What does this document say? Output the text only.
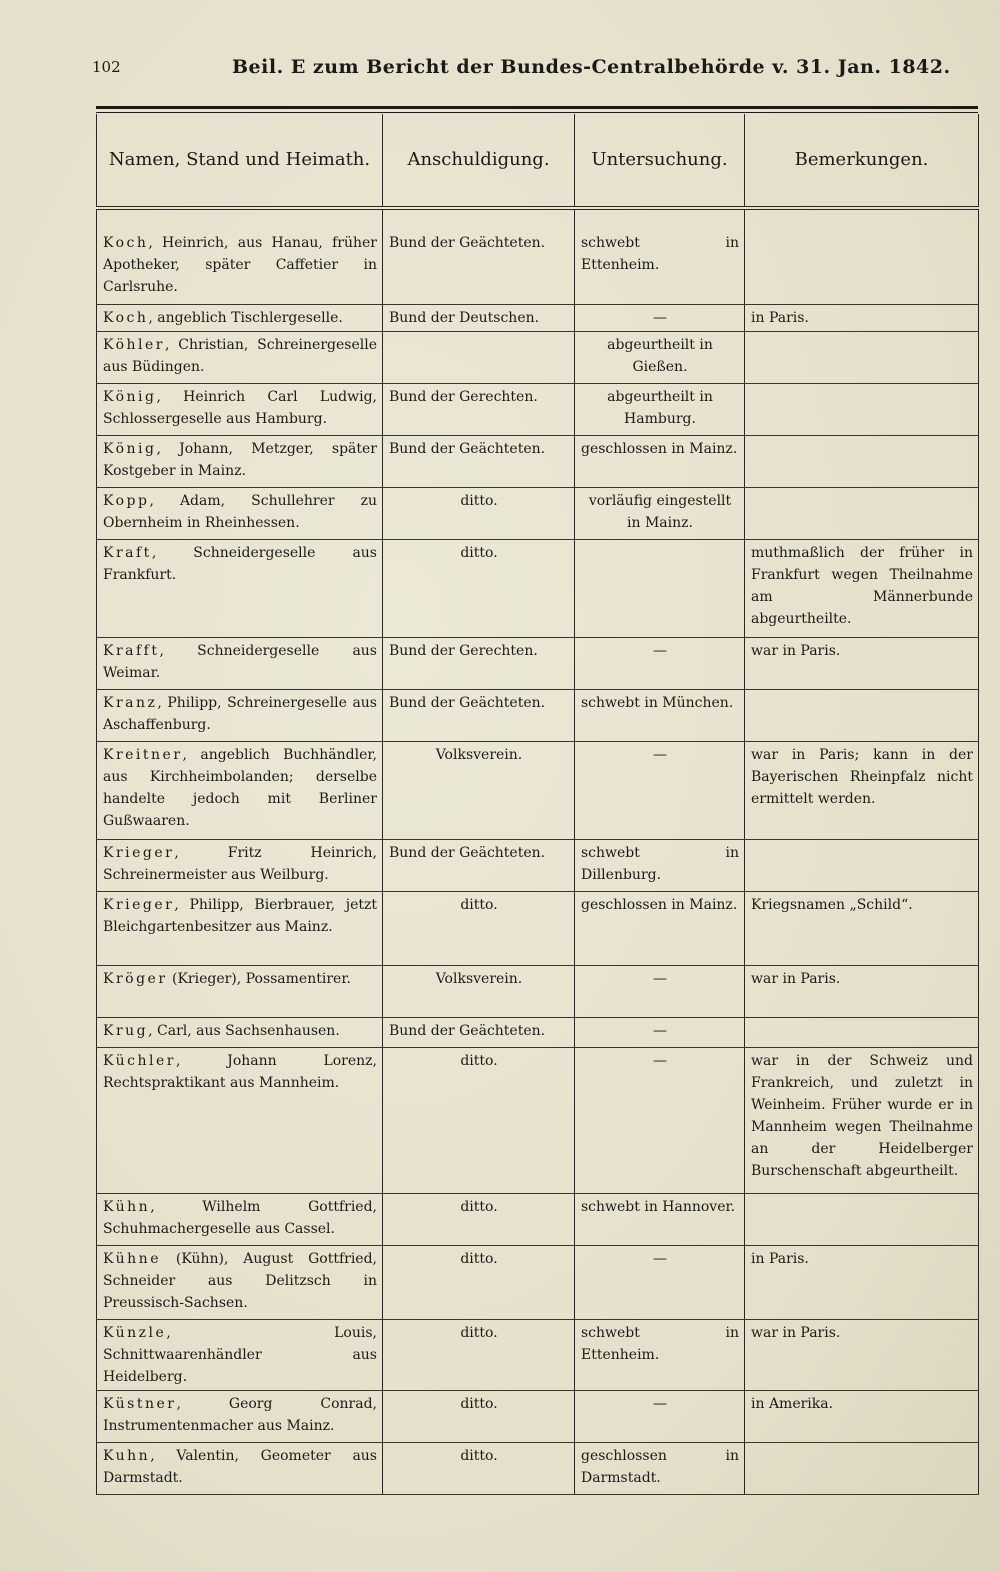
102	Beil. E zum Bericht der Bundes-Centralbehörde v. 31. Jan. 1842.
Namen, Stand und Heimath.	Anschuldigung.	Untersuchung.	Bemerkungen.
Koch, Heinrich, aus Hanau, früher Apotheker, später Caffetier in Carlsruhe.	Bund der Geächteten.	schwebt in Ettenheim.	
Koch, angeblich Tischlergeselle.	Bund der Deutschen.	—	in Paris.
Köhler, Christian, Schreinergeselle aus Büdingen.		abgeurtheilt in Gießen.	
König, Heinrich Carl Ludwig, Schlossergeselle aus Hamburg.	Bund der Gerechten.	abgeurtheilt in Hamburg.	
König, Johann, Metzger, später Kostgeber in Mainz.	Bund der Geächteten.	geschlossen in Mainz.	
Kopp, Adam, Schullehrer zu Obernheim in Rheinhessen.	ditto.	vorläufig eingestellt in Mainz.	
Kraft, Schneidergeselle aus Frankfurt.	ditto.		muthmaßlich der früher in Frankfurt wegen Theilnahme am Männerbunde abgeurtheilte.
Krafft, Schneidergeselle aus Weimar.	Bund der Gerechten.	—	war in Paris.
Kranz, Philipp, Schreinergeselle aus Aschaffenburg.	Bund der Geächteten.	schwebt in München.	
Kreitner, angeblich Buchhändler, aus Kirchheimbolanden; derselbe handelte jedoch mit Berliner Gußwaaren.	Volksverein.	—	war in Paris; kann in der Bayerischen Rheinpfalz nicht ermittelt werden.
Krieger, Fritz Heinrich, Schreinermeister aus Weilburg.	Bund der Geächteten.	schwebt in Dillenburg.	
Krieger, Philipp, Bierbrauer, jetzt Bleichgartenbesitzer aus Mainz.	ditto.	geschlossen in Mainz.	Kriegsnamen „Schild“.
Kröger (Krieger), Possamentirer.	Volksverein.	—	war in Paris.
Krug, Carl, aus Sachsenhausen.	Bund der Geächteten.	—	
Küchler, Johann Lorenz, Rechtspraktikant aus Mannheim.	ditto.	—	war in der Schweiz und Frankreich, und zuletzt in Weinheim. Früher wurde er in Mannheim wegen Theilnahme an der Heidelberger Burschenschaft abgeurtheilt.
Kühn, Wilhelm Gottfried, Schuhmachergeselle aus Cassel.	ditto.	schwebt in Hannover.	
Kühne (Kühn), August Gottfried, Schneider aus Delitzsch in Preussisch-Sachsen.	ditto.	—	in Paris.
Künzle, Louis, Schnittwaarenhändler aus Heidelberg.	ditto.	schwebt in Ettenheim.	war in Paris.
Küstner, Georg Conrad, Instrumentenmacher aus Mainz.	ditto.	—	in Amerika.
Kuhn, Valentin, Geometer aus Darmstadt.	ditto.	geschlossen in Darmstadt.	
